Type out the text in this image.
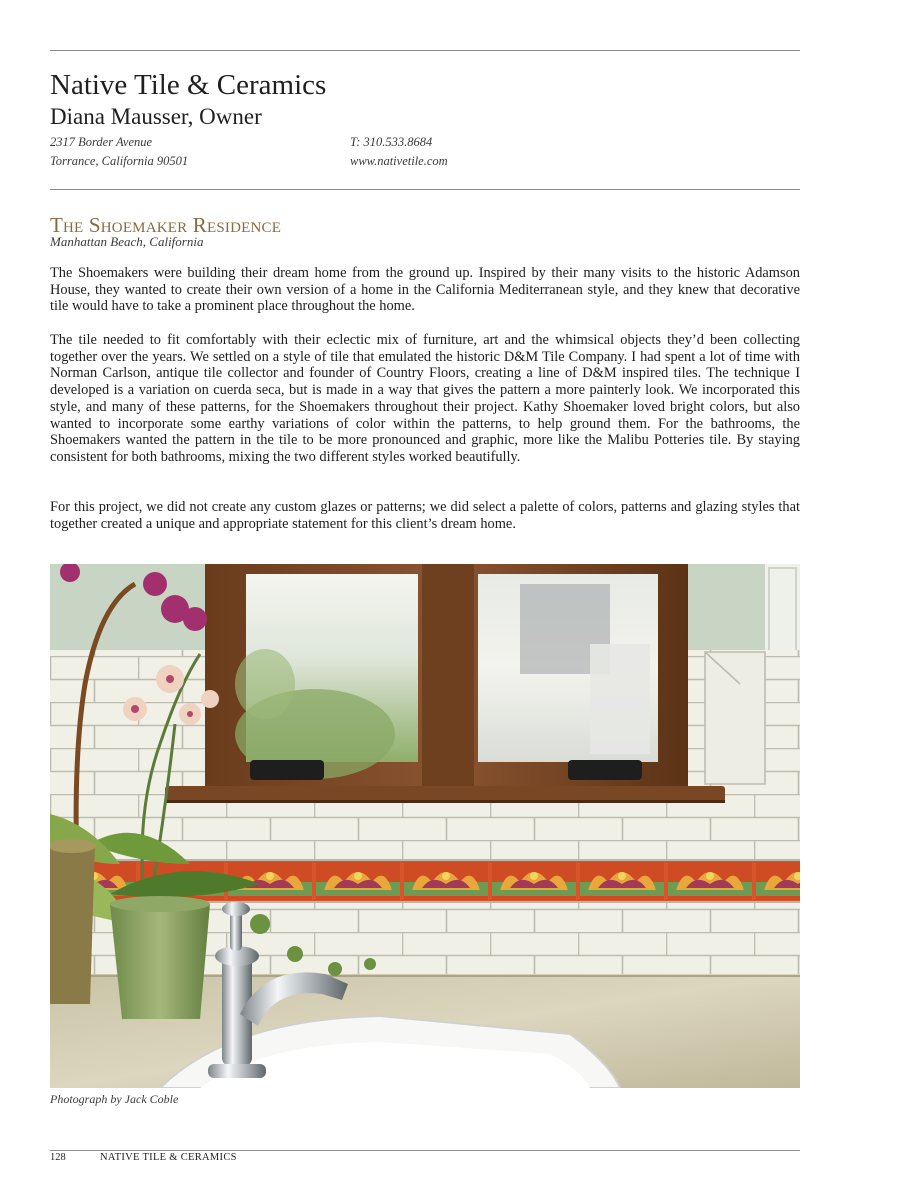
Native Tile & Ceramics
Diana Mausser, Owner
2317 Border Avenue
Torrance, California 90501
T: 310.533.8684
www.nativetile.com
The Shoemaker Residence
Manhattan Beach, California

The Shoemakers were building their dream home from the ground up. Inspired by their many visits to the historic Adamson House, they wanted to create their own version of a home in the California Mediterranean style, and they knew that decorative tile would have to take a prominent place throughout the home.

The tile needed to fit comfortably with their eclectic mix of furniture, art and the whimsical objects they’d been collecting together over the years. We settled on a style of tile that emulated the historic D&M Tile Company. I had spent a lot of time with Norman Carlson, antique tile collector and founder of Country Floors, creating a line of D&M inspired tiles. The technique I developed is a variation on cuerda seca, but is made in a way that gives the pattern a more painterly look. We incorporated this style, and many of these patterns, for the Shoemakers throughout their project. Kathy Shoemaker loved bright colors, but also wanted to incorporate some earthy variations of color within the patterns, to help ground them. For the bathrooms, the Shoemakers wanted the pattern in the tile to be more pronounced and graphic, more like the Malibu Potteries tile. By staying consistent for both bathrooms, mixing the two different styles worked beautifully.

For this project, we did not create any custom glazes or patterns; we did select a palette of colors, patterns and glazing styles that together created a unique and appropriate statement for this client’s dream home.

Photograph by Jack Coble
128	NATIVE TILE & CERAMICS
